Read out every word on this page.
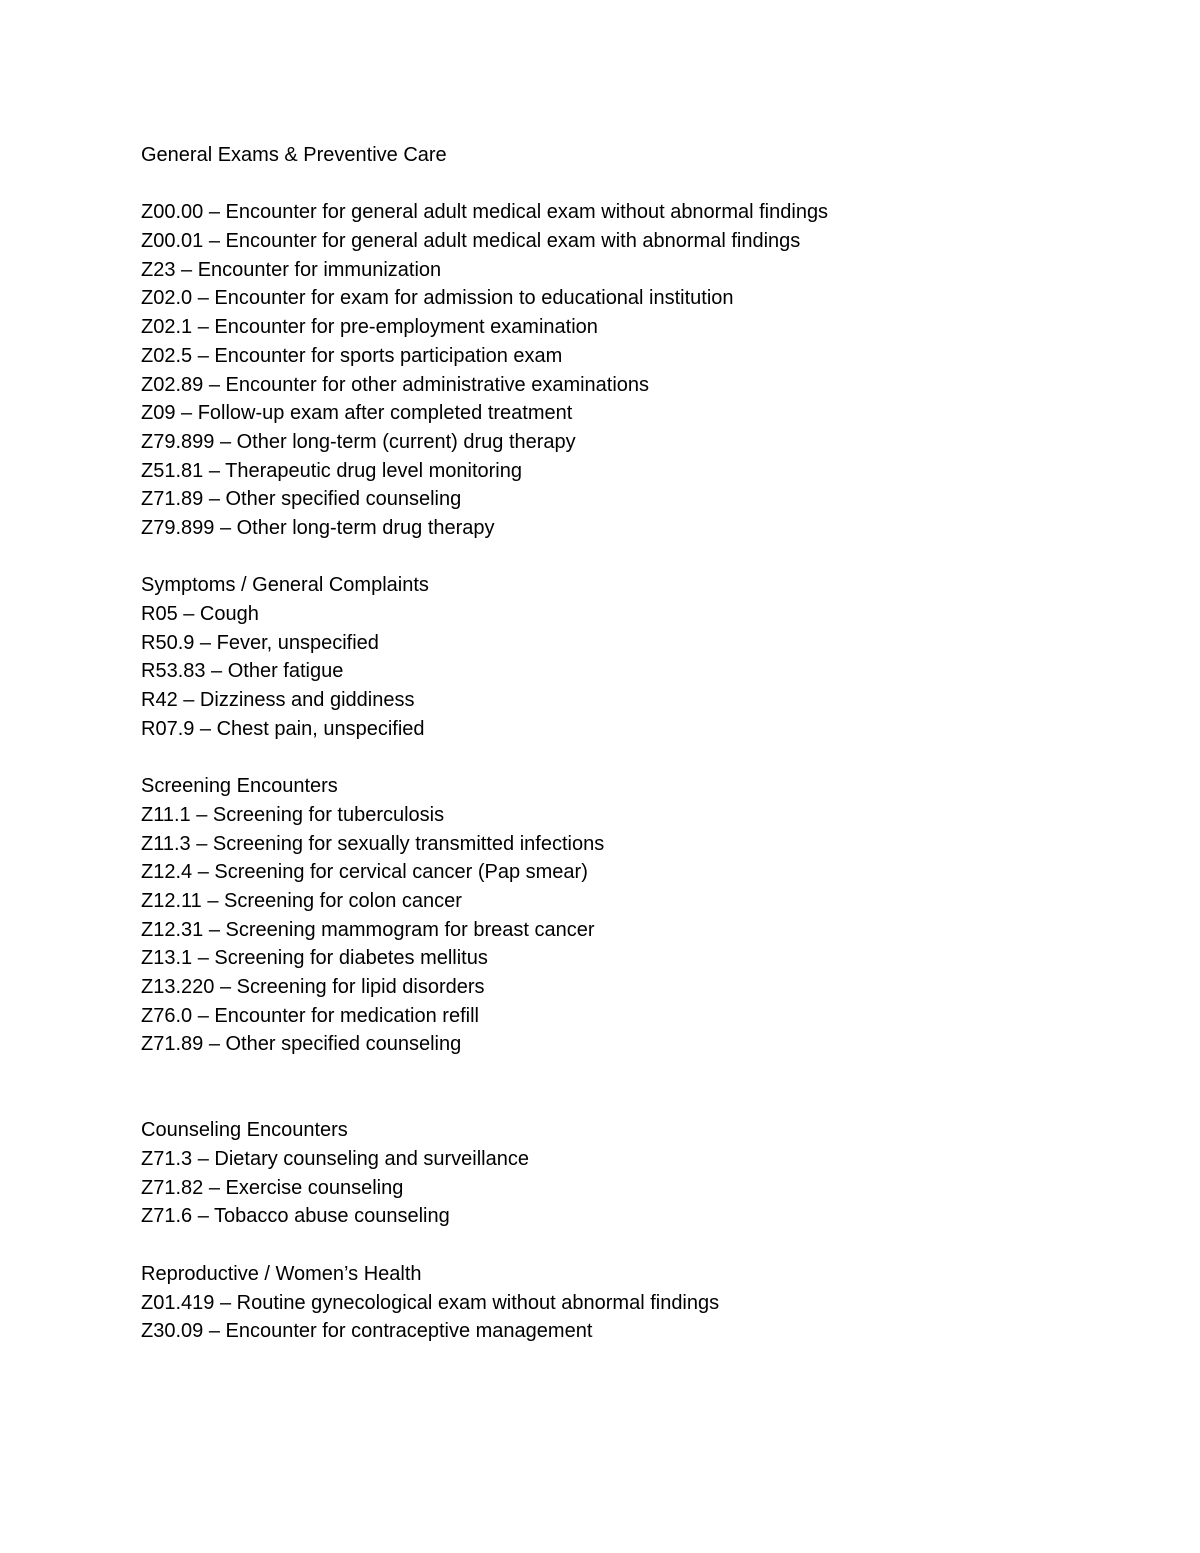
General Exams & Preventive Care

Z00.00 – Encounter for general adult medical exam without abnormal findings

Z00.01 – Encounter for general adult medical exam with abnormal findings

Z23 – Encounter for immunization

Z02.0 – Encounter for exam for admission to educational institution

Z02.1 – Encounter for pre-employment examination

Z02.5 – Encounter for sports participation exam

Z02.89 – Encounter for other administrative examinations

Z09 – Follow-up exam after completed treatment

Z79.899 – Other long-term (current) drug therapy

Z51.81 – Therapeutic drug level monitoring

Z71.89 – Other specified counseling

Z79.899 – Other long-term drug therapy

Symptoms / General Complaints

R05 – Cough

R50.9 – Fever, unspecified

R53.83 – Other fatigue

R42 – Dizziness and giddiness

R07.9 – Chest pain, unspecified

Screening Encounters

Z11.1 – Screening for tuberculosis

Z11.3 – Screening for sexually transmitted infections

Z12.4 – Screening for cervical cancer (Pap smear)

Z12.11 – Screening for colon cancer

Z12.31 – Screening mammogram for breast cancer

Z13.1 – Screening for diabetes mellitus

Z13.220 – Screening for lipid disorders

Z76.0 – Encounter for medication refill

Z71.89 – Other specified counseling

Counseling Encounters

Z71.3 – Dietary counseling and surveillance

Z71.82 – Exercise counseling

Z71.6 – Tobacco abuse counseling

Reproductive / Women’s Health

Z01.419 – Routine gynecological exam without abnormal findings

Z30.09 – Encounter for contraceptive management
